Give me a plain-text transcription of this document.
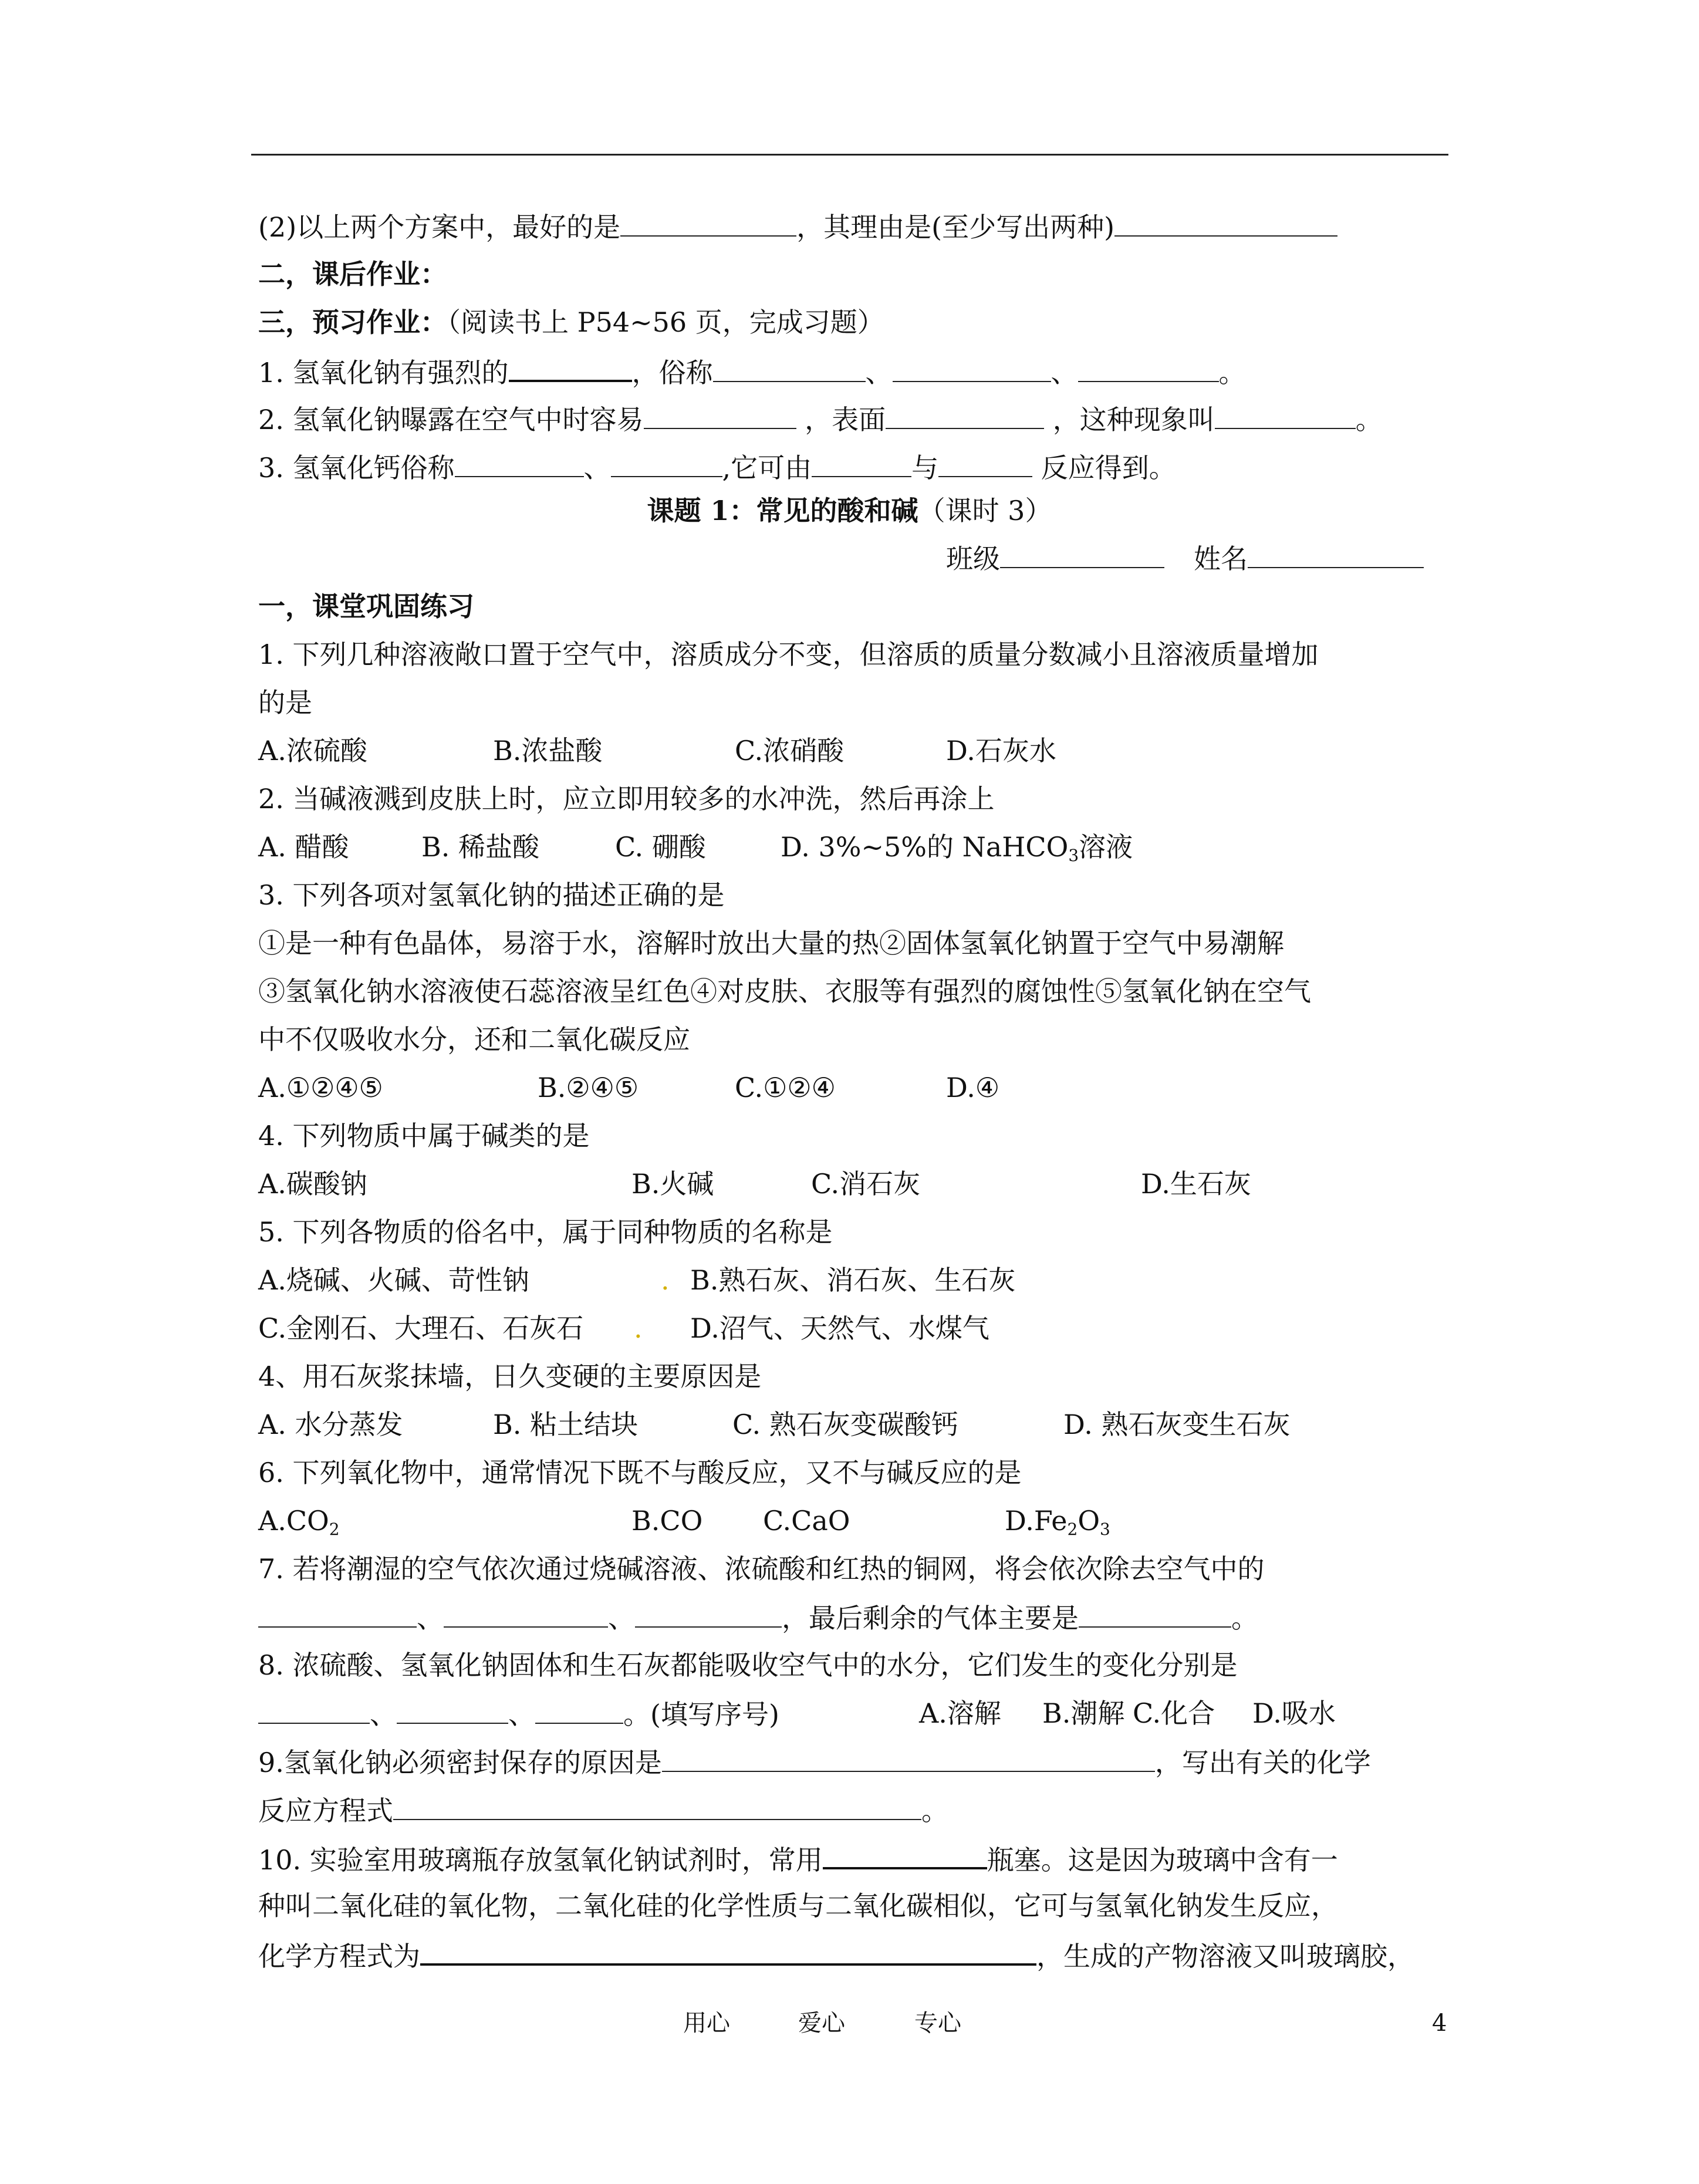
(2)以上两个方案中，最好的是	，其理由是(至少写出两种)
二，课后作业：
三，预习作业：（阅读书上 P54~56 页，完成习题）
1. 氢氧化钠有强烈的	，俗称	、	、	。
2. 氢氧化钠曝露在空气中时容易	，表面	，这种现象叫	。
3. 氢氧化钙俗称	、	,它可由	与	反应得到。
课题 1：常见的酸和碱（课时 3）
班级	姓名
一，课堂巩固练习
1. 下列几种溶液敞口置于空气中，溶质成分不变，但溶质的质量分数减小且溶液质量增加
的是
A.浓硫酸	B.浓盐酸	C.浓硝酸	D.石灰水
2. 当碱液溅到皮肤上时，应立即用较多的水冲洗，然后再涂上
A. 醋酸	B. 稀盐酸	C. 硼酸	D. 3%~5%的 NaHCO$_3$溶液
3. 下列各项对氢氧化钠的描述正确的是
①是一种有色晶体，易溶于水，溶解时放出大量的热②固体氢氧化钠置于空气中易潮解
③氢氧化钠水溶液使石蕊溶液呈红色④对皮肤、衣服等有强烈的腐蚀性⑤氢氧化钠在空气
中不仅吸收水分，还和二氧化碳反应
A.①②④⑤	B.②④⑤	C.①②④	D.④
4. 下列物质中属于碱类的是
A.碳酸钠	B.火碱	C.消石灰	D.生石灰
5. 下列各物质的俗名中，属于同种物质的名称是
A.烧碱、火碱、苛性钠	. B.熟石灰、消石灰、生石灰
C.金刚石、大理石、石灰石 . D.沼气、天然气、水煤气
4、用石灰浆抹墙，日久变硬的主要原因是
A. 水分蒸发	B. 粘土结块	C. 熟石灰变碳酸钙	D. 熟石灰变生石灰
6. 下列氧化物中，通常情况下既不与酸反应，又不与碱反应的是
$A.CO_2$	B.CO C.CaO	$D.Fe_2O_3$
7. 若将潮湿的空气依次通过烧碱溶液、浓硫酸和红热的铜网，将会依次除去空气中的
、	、	，最后剩余的气体主要是	。
8. 浓硫酸、氢氧化钠固体和生石灰都能吸收空气中的水分，它们发生的变化分别是
、	、	。(填写序号)	A.溶解 B.潮解 C.化合 D.吸水
9.氢氧化钠必须密封保存的原因是	，写出有关的化学
反应方程式	。
10. 实验室用玻璃瓶存放氢氧化钠试剂时，常用	瓶塞。这是因为玻璃中含有一
种叫二氧化硅的氧化物，二氧化硅的化学性质与二氧化碳相似，它可与氢氧化钠发生反应，
化学方程式为	，生成的产物溶液又叫玻璃胶，
用心	爱心	专心	4
